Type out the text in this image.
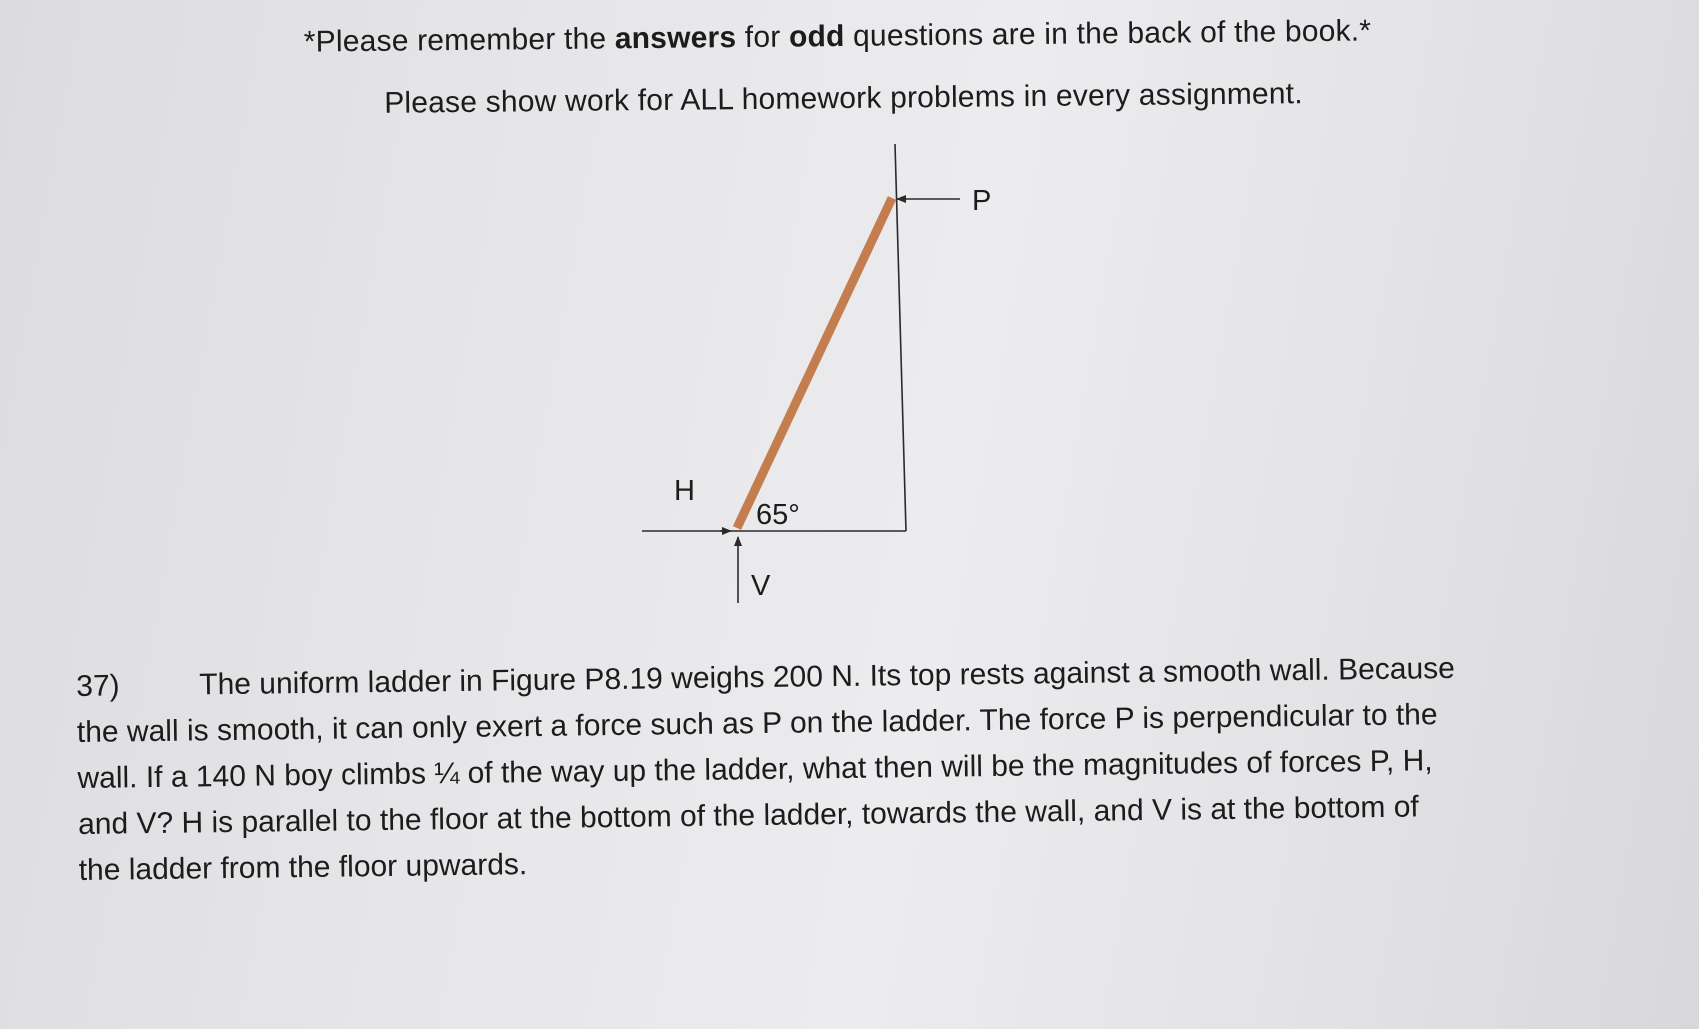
*Please remember the answers for odd questions are in the back of the book.*
Please show work for ALL homework problems in every assignment.
P
H
V
65°
37)	The uniform ladder in Figure P8.19 weighs 200 N. Its top rests against a smooth wall. Because
the wall is smooth, it can only exert a force such as P on the ladder. The force P is perpendicular to the
wall. If a 140 N boy climbs ¼ of the way up the ladder, what then will be the magnitudes of forces P, H,
and V? H is parallel to the floor at the bottom of the ladder, towards the wall, and V is at the bottom of
the ladder from the floor upwards.
